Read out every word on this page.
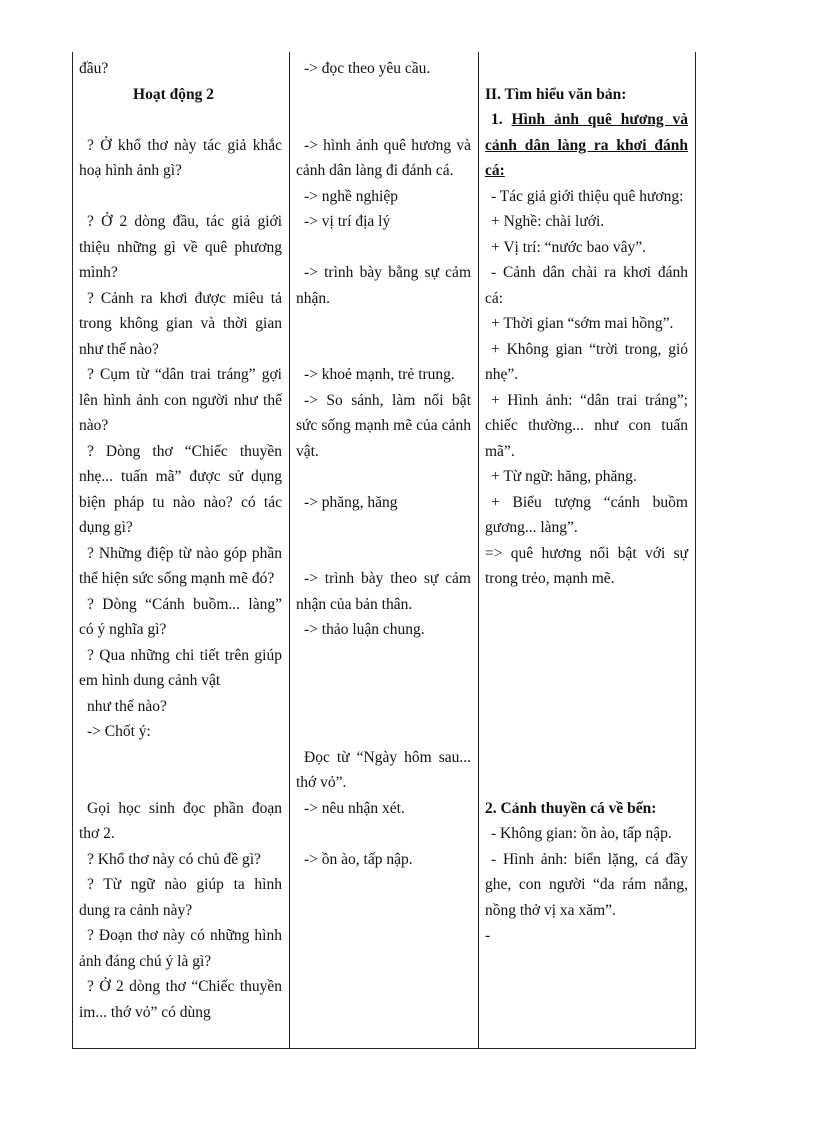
đầu?

Hoạt động 2

? Ở khổ thơ này tác giả khắc hoạ hình ảnh gì?

? Ở 2 dòng đầu, tác giả giới thiệu những gì về quê phương mình?

? Cảnh ra khơi được miêu tả trong không gian và thời gian như thế nào?

? Cụm từ “dân trai tráng” gợi lên hình ảnh con người như thế nào?

? Dòng thơ “Chiếc thuyền nhẹ... tuấn mã” được sử dụng biện pháp tu nào nào? có tác dụng gì?

? Những điệp từ nào góp phần thể hiện sức sống mạnh mẽ đó?

? Dòng “Cánh buồm... làng” có ý nghĩa gì?

? Qua những chi tiết trên giúp em hình dung cảnh vật

như thế nào?

-> Chốt ý:

Gọi học sinh đọc phần đoạn thơ 2.

? Khổ thơ này có chủ đề gì?

? Từ ngữ nào giúp ta hình dung ra cảnh này?

? Đoạn thơ này có những hình ảnh đáng chú ý là gì?

? Ở 2 dòng thơ “Chiếc thuyền im... thớ vỏ” có dùng

-> đọc theo yêu cầu.

-> hình ảnh quê hương và cảnh dân làng đi đánh cá.

-> nghề nghiệp

-> vị trí địa lý

-> trình bày bằng sự cảm nhận.

-> khoẻ mạnh, trẻ trung.

-> So sánh, làm nổi bật sức sống mạnh mẽ của cảnh vật.

-> phăng, hăng

-> trình bày theo sự cảm nhận của bản thân.

-> thảo luận chung.

Đọc từ “Ngày hôm sau... thớ vỏ”.

-> nêu nhận xét.

-> ồn ào, tấp nập.

II. Tìm hiểu văn bản:

1. Hình ảnh quê hương và cảnh dân làng ra khơi đánh cá:

- Tác giả giới thiệu quê hương:

+ Nghề: chài lưới.

+ Vị trí: “nước bao vây”.

- Cảnh dân chài ra khơi đánh cá:

+ Thời gian “sớm mai hồng”.

+ Không gian “trời trong, gió nhẹ”.

+ Hình ảnh: “dân trai tráng”; chiếc thường... như con tuấn mã”.

+ Từ ngữ: hăng, phăng.

+ Biểu tượng “cánh buồm gương... làng”.

=> quê hương nổi bật với sự trong trẻo, mạnh mẽ.

2. Cảnh thuyền cá về bến:

- Không gian: ồn ào, tấp nập.

- Hình ảnh: biển lặng, cá đầy ghe, con người “da rám nắng, nồng thở vị xa xăm”.

-
